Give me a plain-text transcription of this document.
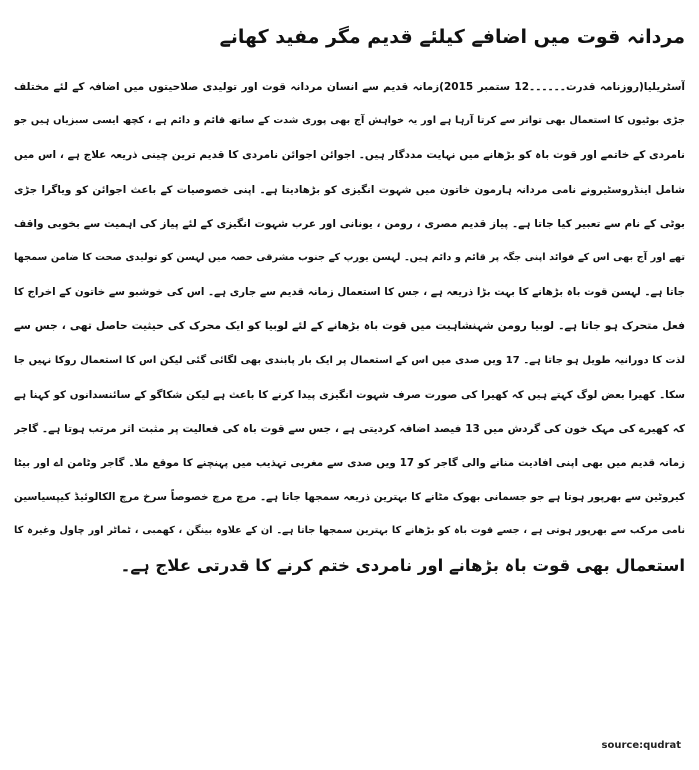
مردانہ قوت میں اضافے کیلئے قدیم مگر مفید کھانے
آسٹریلیا(روزنامہ قدرت۔۔۔۔۔۔12 ستمبر 2015)زمانہ قدیم سے انسان مردانہ قوت اور تولیدی صلاحیتوں میں اضافہ کے لئے مختلف
جڑی بوٹیوں کا استعمال بھی تواتر سے کرتا آرہا ہے اور یہ خواہش آج بھی پوری شدت کے ساتھ قائم و دائم ہے ، کچھ ایسی سبزیاں ہیں جو
نامردی کے خاتمے اور قوت باہ کو بڑھانے میں نہایت مددگار ہیں۔ اجوائن اجوائن نامردی کا قدیم ترین چینی ذریعہ علاج ہے ، اس میں
شامل اینڈروسٹیرونے نامی مردانہ ہارمون خاتون میں شہوت انگیزی کو بڑھادیتا ہے۔ اپنی خصوصیات کے باعث اجوائن کو ویاگرا جڑی
بوٹی کے نام سے تعبیر کیا جاتا ہے۔ پیاز قدیم مصری ، رومن ، یونانی اور عرب شہوت انگیزی کے لئے پیاز کی اہمیت سے بخوبی واقف
تھے اور آج بھی اس کے فوائد اپنی جگہ پر قائم و دائم ہیں۔ لہسن یورپ کے جنوب مشرقی حصہ میں لہسن کو تولیدی صحت کا ضامن سمجھا
جاتا ہے۔ لہسن قوت باہ بڑھانے کا بہت بڑا ذریعہ ہے ، جس کا استعمال زمانہ قدیم سے جاری ہے۔ اس کی خوشبو سے خاتون کے اخراج کا
فعل متحرک ہو جاتا ہے۔ لوبیا رومن شہنشاہیت میں قوت باہ بڑھانے کے لئے لوبیا کو ایک محرک کی حیثیت حاصل تھی ، جس سے
لذت کا دورانیہ طویل ہو جاتا ہے۔ 17 ویں صدی میں اس کے استعمال پر ایک بار پابندی بھی لگائی گئی لیکن اس کا استعمال روکا نہیں جا
سکا۔ کھیرا بعض لوگ کہتے ہیں کہ کھیرا کی صورت صرف شہوت انگیزی پیدا کرنے کا باعث ہے لیکن شکاگو کے سائنسدانوں کو کہنا ہے
کہ کھیرے کی مہک خون کی گردش میں 13 فیصد اضافہ کردیتی ہے ، جس سے قوت باہ کی فعالیت پر مثبت اثر مرتب ہوتا ہے۔ گاجر
زمانہ قدیم میں بھی اپنی افادیت منانے والی گاجر کو 17 ویں صدی سے مغربی تہذیب میں پہنچنے کا موقع ملا۔ گاجر وٹامن اے اور بیٹا
کیروٹین سے بھرپور ہوتا ہے جو جسمانی بھوک مٹانے کا بہترین ذریعہ سمجھا جاتا ہے۔ مرچ مرچ خصوصاً سرخ مرچ الکالوئیڈ کیپسیاسین
نامی مرکب سے بھرپور ہوتی ہے ، جسے قوت باہ کو بڑھانے کا بہترین سمجھا جاتا ہے۔ ان کے علاوہ بینگن ، کھمبی ، ٹماٹر اور چاول وغیرہ کا
استعمال بھی قوت باہ بڑھانے اور نامردی ختم کرنے کا قدرتی علاج ہے۔
source:qudrat
